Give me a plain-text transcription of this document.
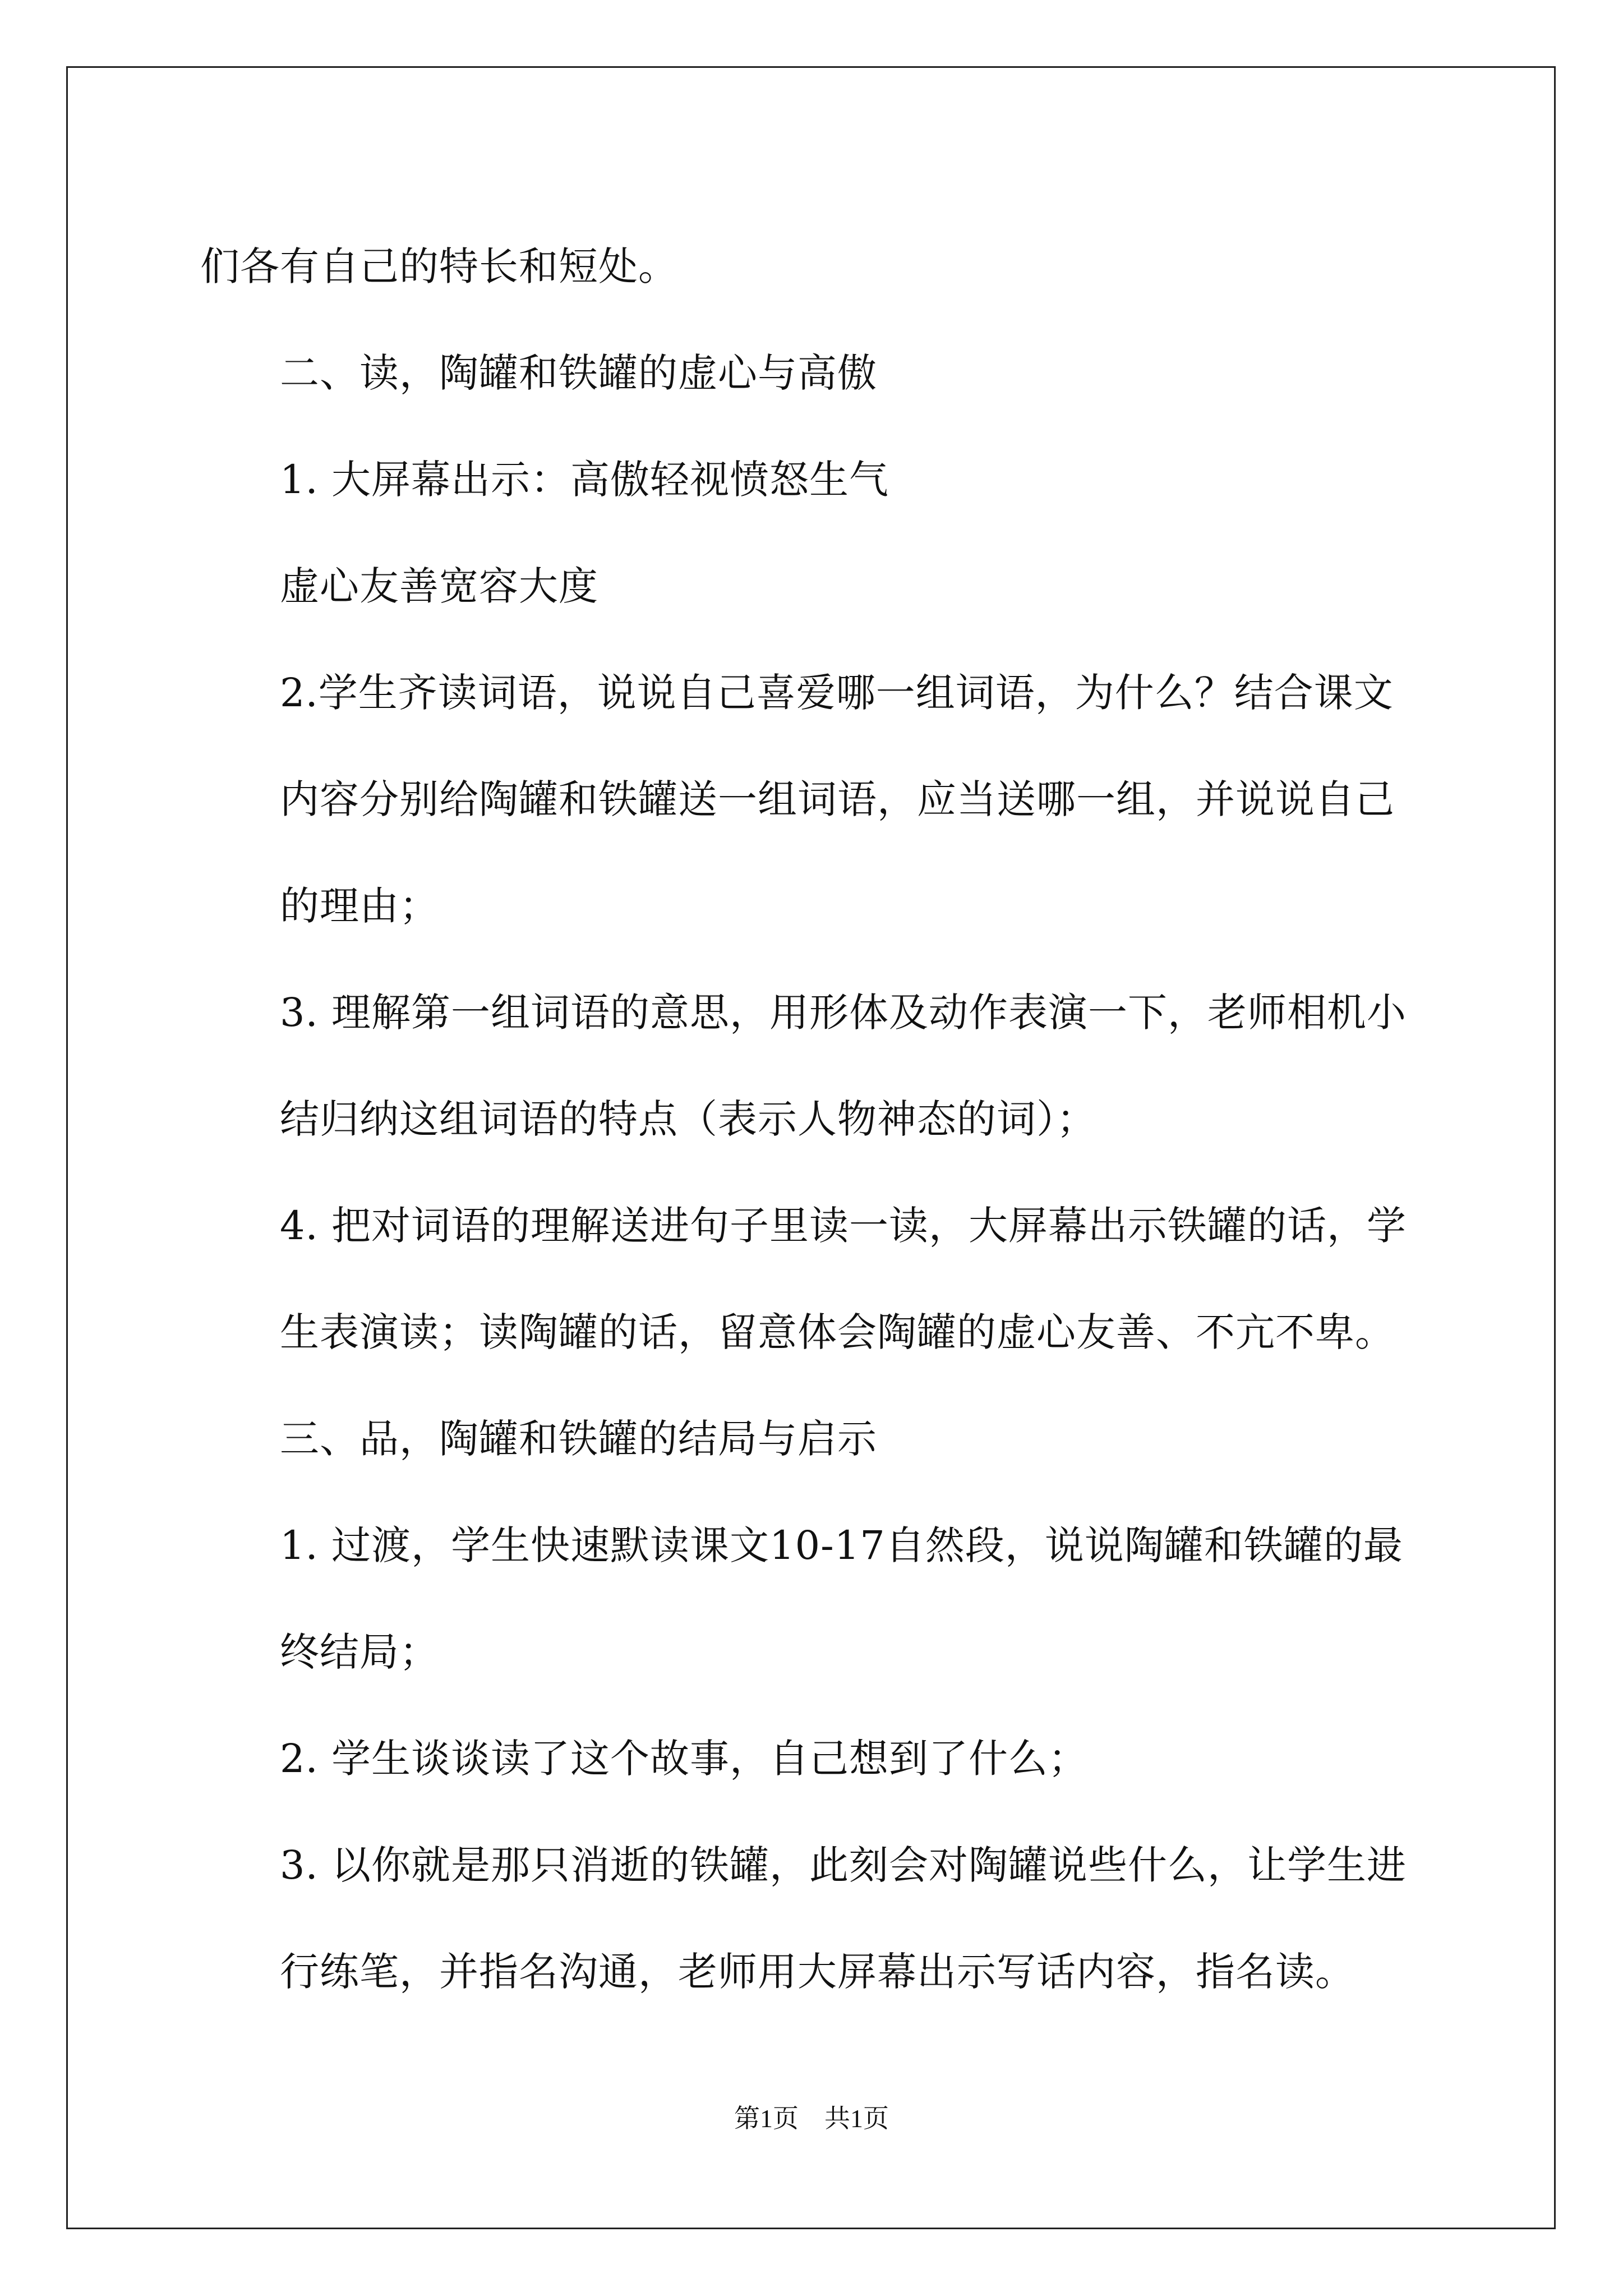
们各有自己的特长和短处。

二、读，陶罐和铁罐的虚心与高傲

1. 大屏幕出示：高傲轻视愤怒生气

虚心友善宽容大度

2.学生齐读词语，说说自己喜爱哪一组词语，为什么？结合课文内容分别给陶罐和铁罐送一组词语，应当送哪一组，并说说自己的理由；

3. 理解第一组词语的意思，用形体及动作表演一下，老师相机小结归纳这组词语的特点（表示人物神态的词）；

4. 把对词语的理解送进句子里读一读，大屏幕出示铁罐的话，学生表演读；读陶罐的话，留意体会陶罐的虚心友善、不亢不卑。

三、品，陶罐和铁罐的结局与启示

1. 过渡，学生快速默读课文10-17自然段，说说陶罐和铁罐的最终结局；

2. 学生谈谈读了这个故事，自己想到了什么；

3. 以你就是那只消逝的铁罐，此刻会对陶罐说些什么，让学生进行练笔，并指名沟通，老师用大屏幕出示写话内容，指名读。

第1页　共1页
